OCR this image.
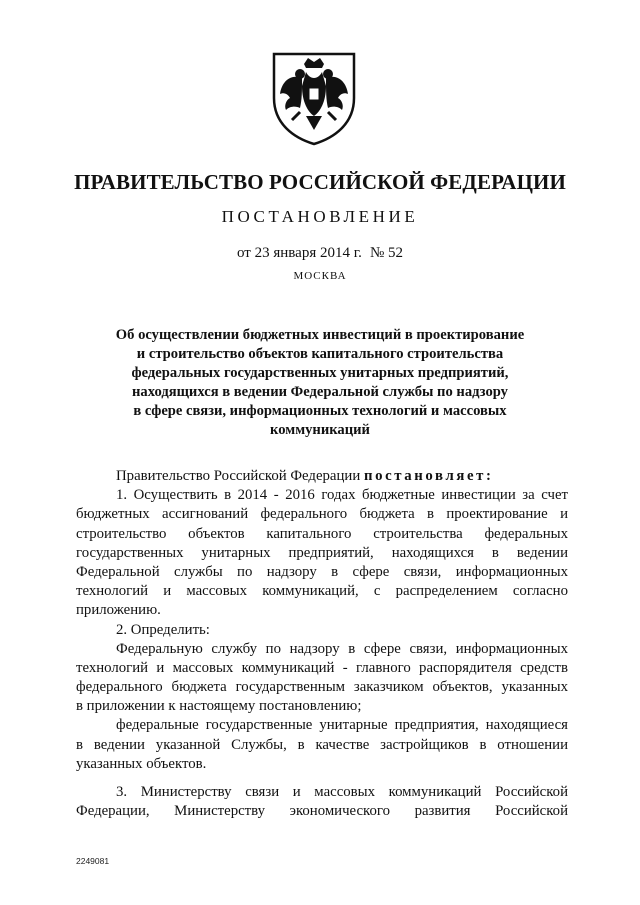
ПРАВИТЕЛЬСТВО РОССИЙСКОЙ ФЕДЕРАЦИИ
ПОСТАНОВЛЕНИЕ
от 23 января 2014 г. № 52
МОСКВА
Об осуществлении бюджетных инвестиций в проектирование
и строительство объектов капитального строительства
федеральных государственных унитарных предприятий,
находящихся в ведении Федеральной службы по надзору
в сфере связи, информационных технологий и массовых
коммуникаций
Правительство Российской Федерации постановляет:
1. Осуществить в 2014 - 2016 годах бюджетные инвестиции за счет
бюджетных ассигнований федерального бюджета в проектирование и
строительство объектов капитального строительства федеральных
государственных унитарных предприятий, находящихся в ведении
Федеральной службы по надзору в сфере связи, информационных
технологий и массовых коммуникаций, с распределением согласно
приложению.
2. Определить:
Федеральную службу по надзору в сфере связи, информационных
технологий и массовых коммуникаций - главного распорядителя средств
федерального бюджета государственным заказчиком объектов, указанных
в приложении к настоящему постановлению;
федеральные государственные унитарные предприятия, находящиеся
в ведении указанной Службы, в качестве застройщиков в отношении
указанных объектов.
3. Министерству связи и массовых коммуникаций Российской
Федерации, Министерству экономического развития Российской
2249081
